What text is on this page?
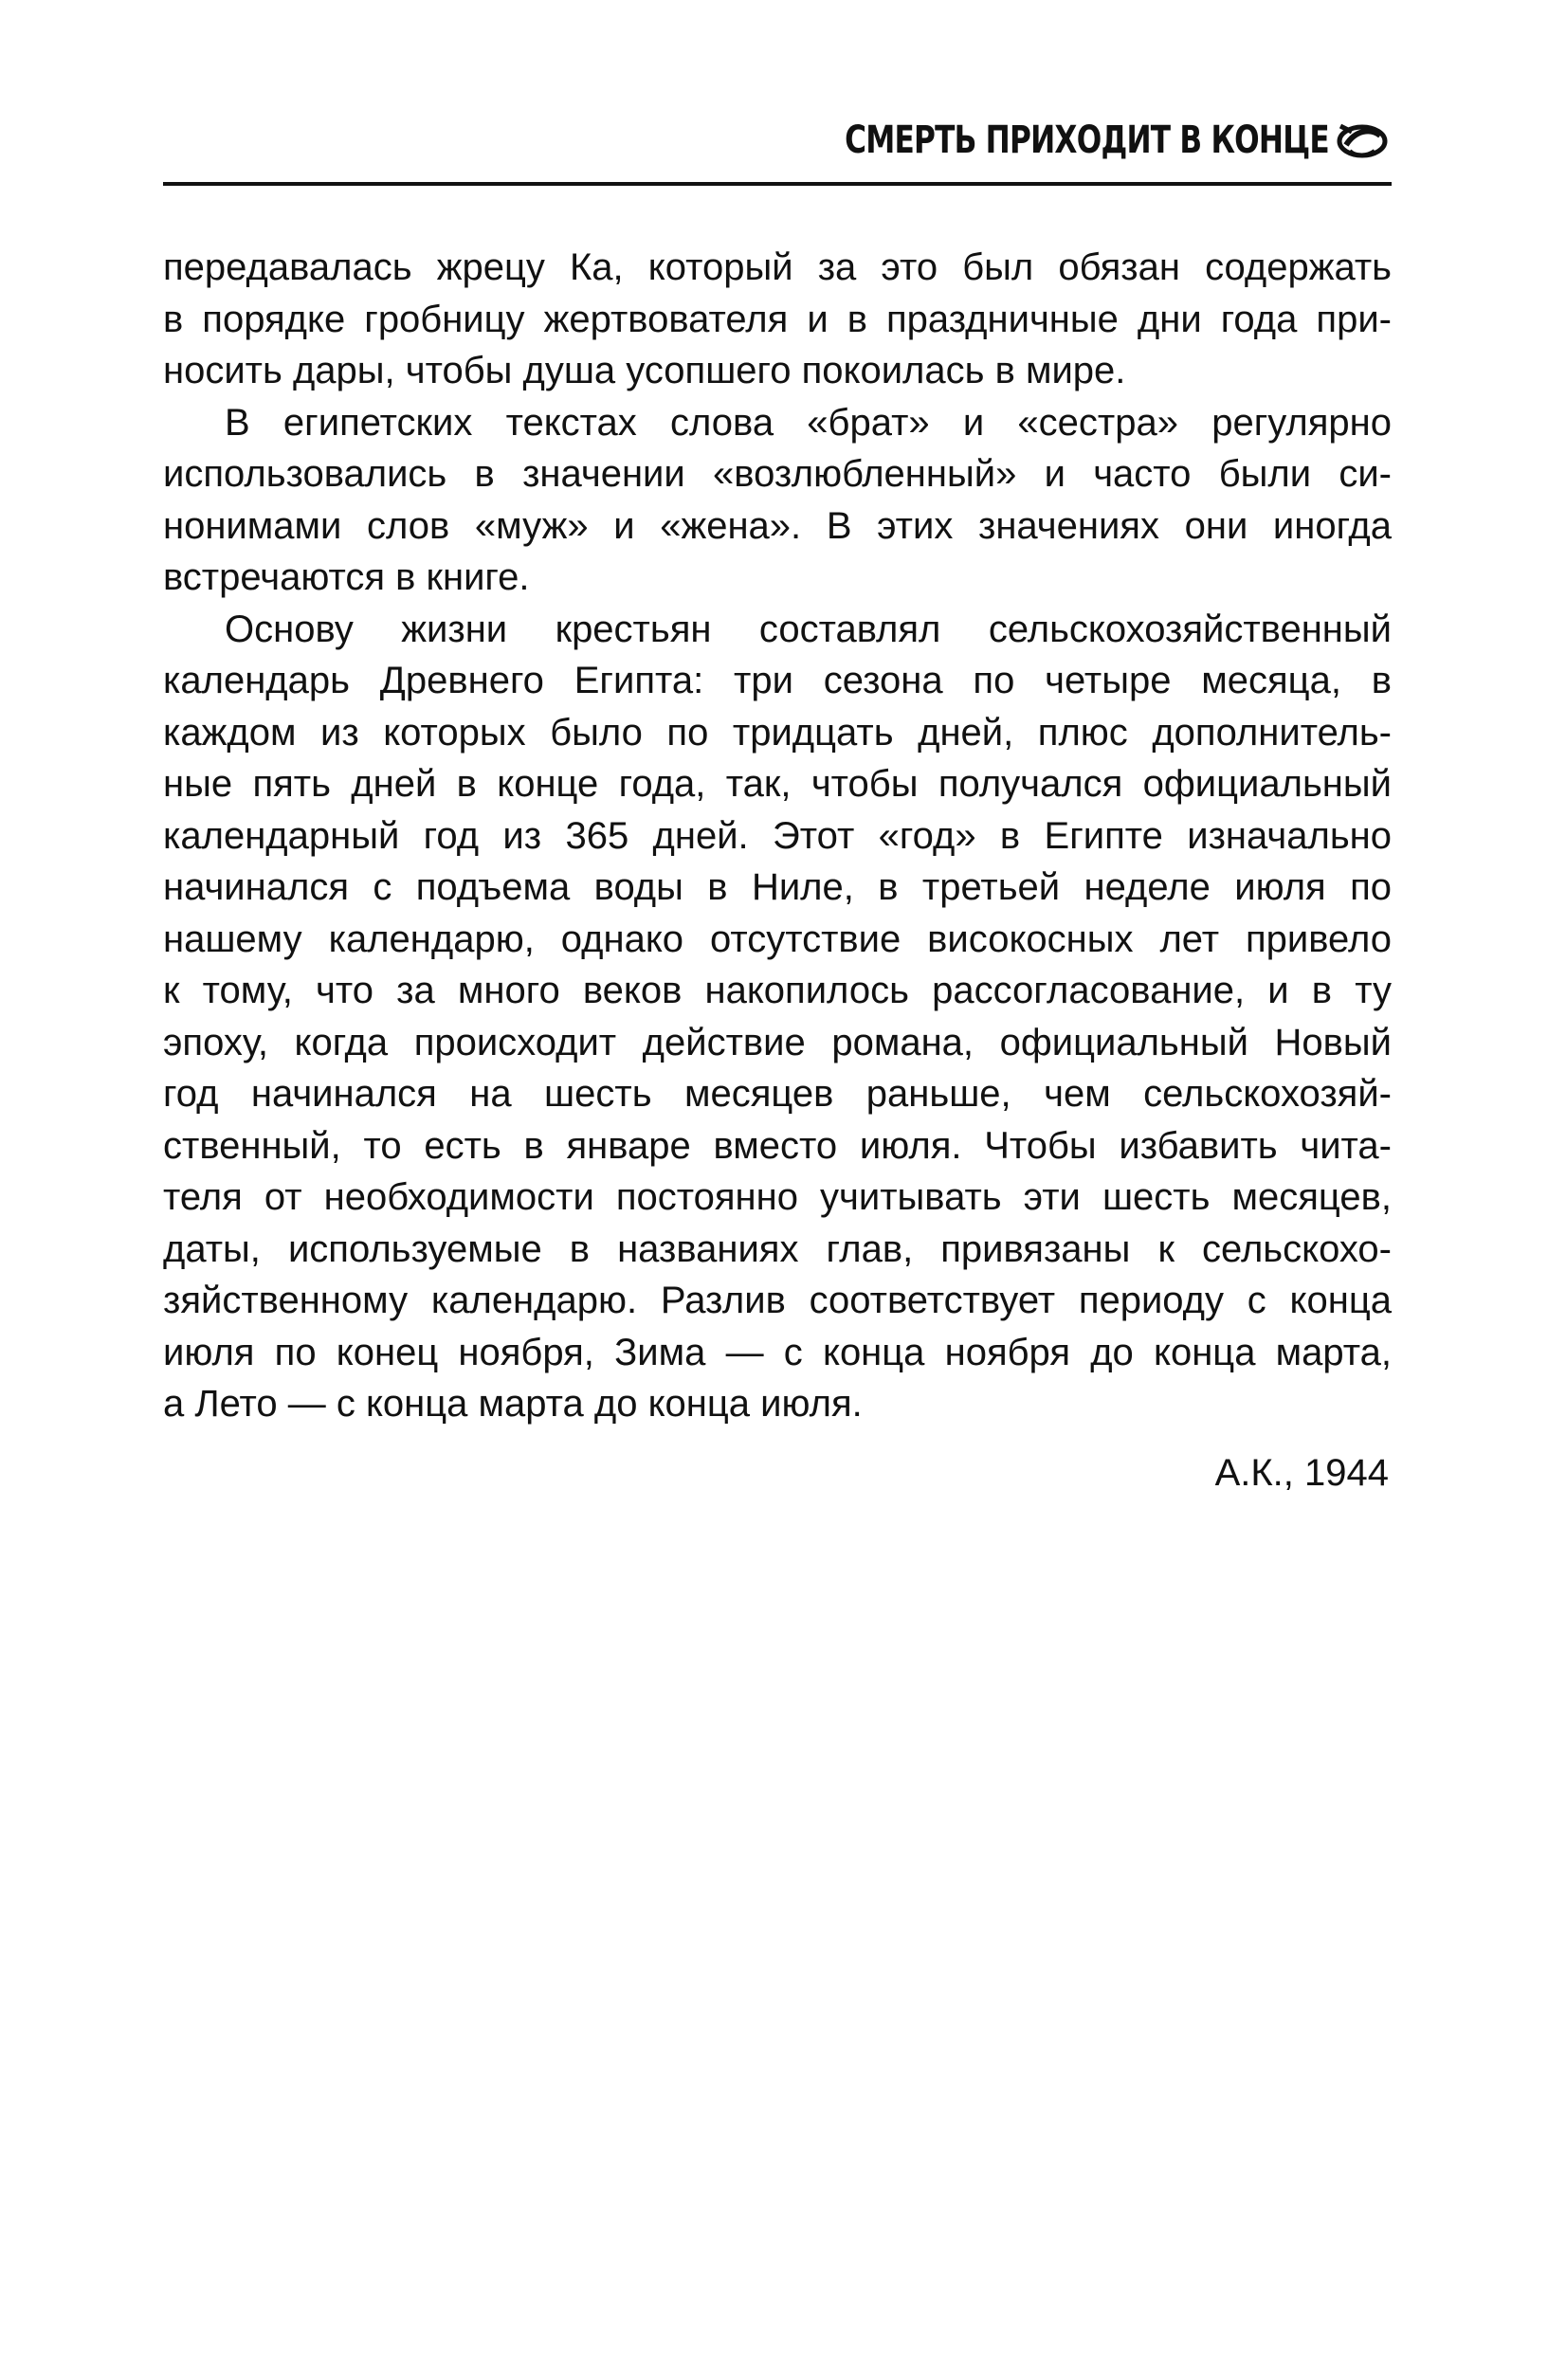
СМЕРТЬ ПРИХОДИТ В КОНЦЕ
передавалась жрецу Ка, который за это был обязан содержать
в порядке гробницу жертвователя и в праздничные дни года при-
носить дары, чтобы душа усопшего покоилась в мире.
В египетских текстах слова «брат» и «сестра» регулярно
использовались в значении «возлюбленный» и часто были си-
нонимами слов «муж» и «жена». В этих значениях они иногда
встречаются в книге.
Основу жизни крестьян составлял сельскохозяйственный
календарь Древнего Египта: три сезона по четыре месяца, в
каждом из которых было по тридцать дней, плюс дополнитель-
ные пять дней в конце года, так, чтобы получался официальный
календарный год из 365 дней. Этот «год» в Египте изначально
начинался с подъема воды в Ниле, в третьей неделе июля по
нашему календарю, однако отсутствие високосных лет привело
к тому, что за много веков накопилось рассогласование, и в ту
эпоху, когда происходит действие романа, официальный Новый
год начинался на шесть месяцев раньше, чем сельскохозяй-
ственный, то есть в январе вместо июля. Чтобы избавить чита-
теля от необходимости постоянно учитывать эти шесть месяцев,
даты, используемые в названиях глав, привязаны к сельскохо-
зяйственному календарю. Разлив соответствует периоду с конца
июля по конец ноября, Зима — с конца ноября до конца марта,
а Лето — с конца марта до конца июля.
А.К., 1944
